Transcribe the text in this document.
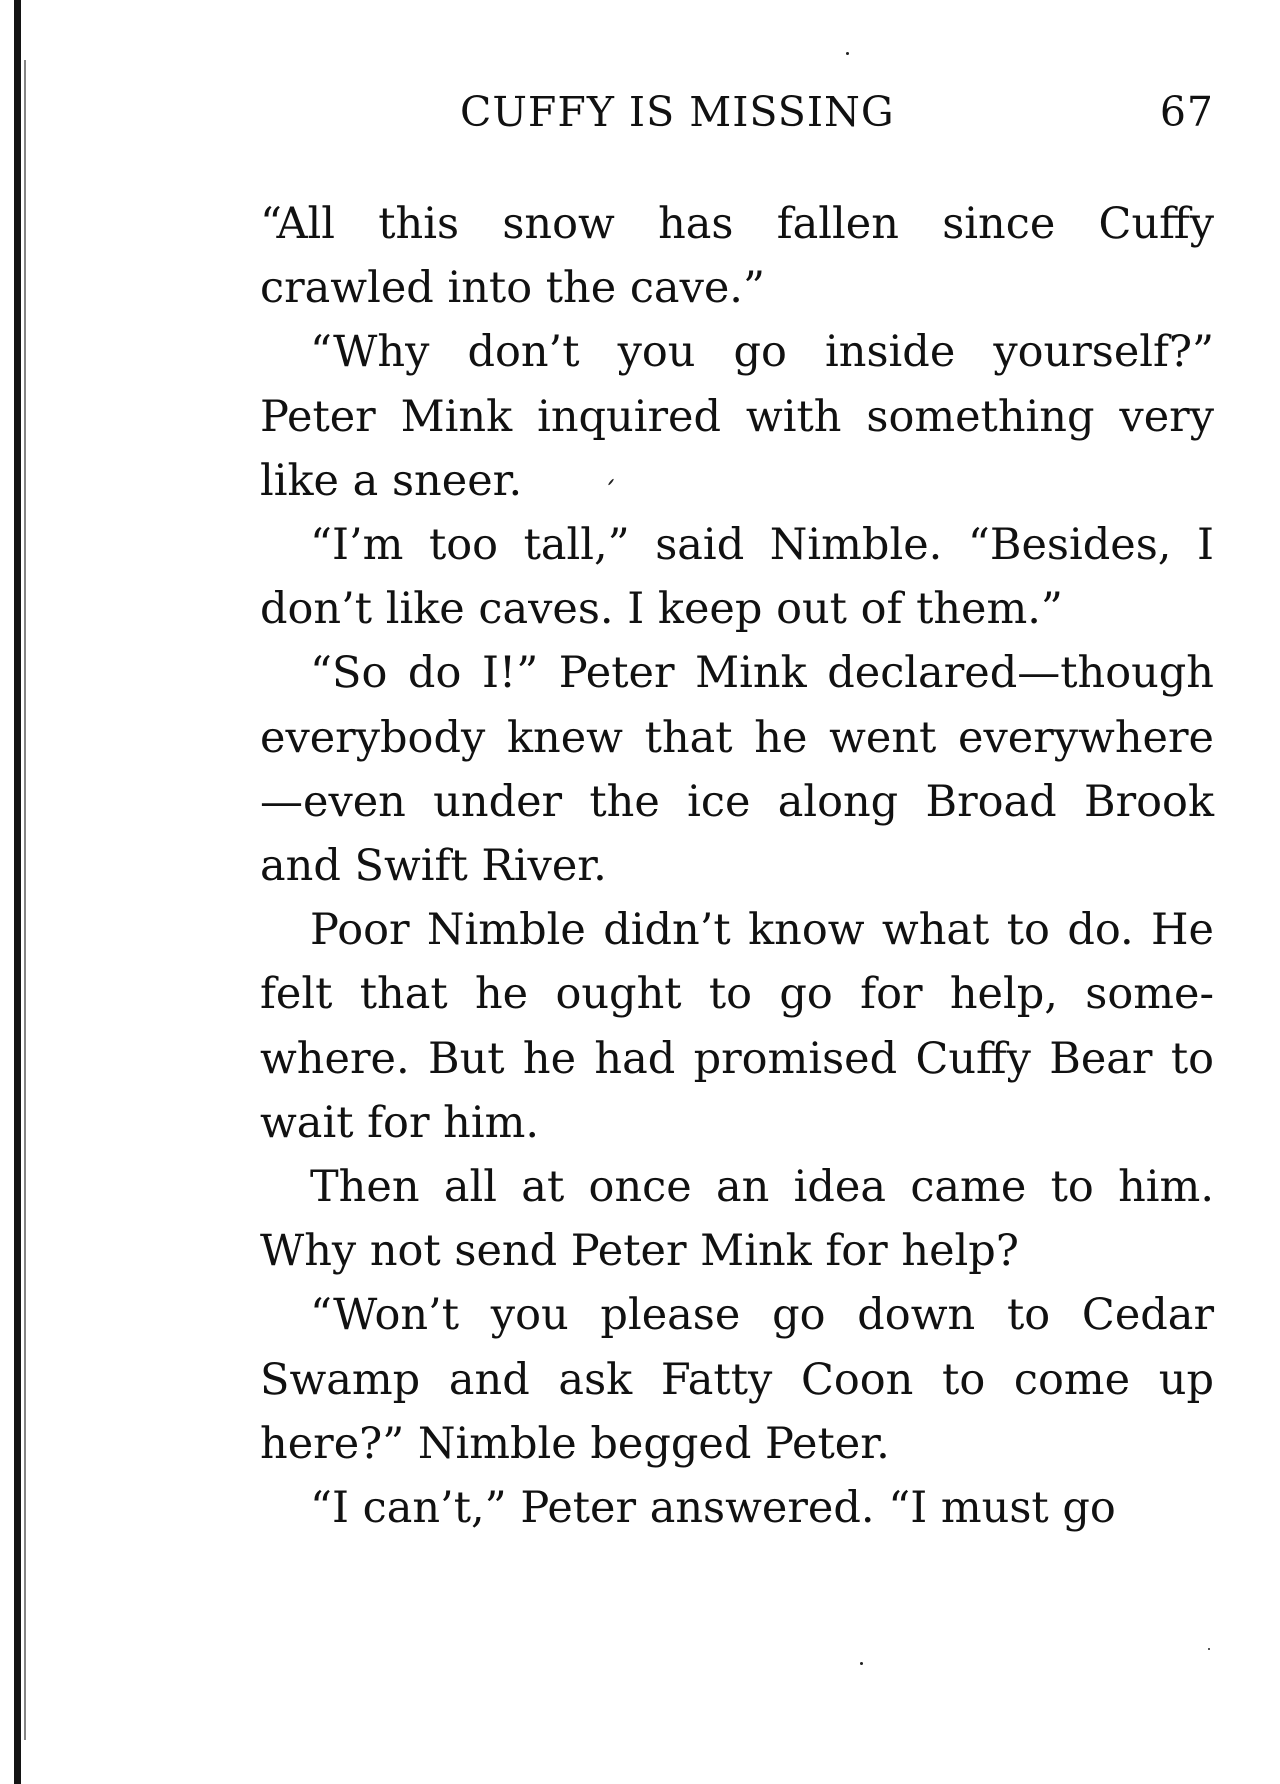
CUFFY IS MISSING	67

“All this snow has fallen since Cuffy crawled into the cave.”

“Why don’t you go inside yourself?” Peter Mink inquired with something very like a sneer.

“I’m too tall,” said Nimble. “Besides, I don’t like caves. I keep out of them.”

“So do I!” Peter Mink declared—though everybody knew that he went everywhere—even under the ice along Broad Brook and Swift River.

Poor Nimble didn’t know what to do. He felt that he ought to go for help, some-where. But he had promised Cuffy Bear to wait for him.

Then all at once an idea came to him. Why not send Peter Mink for help?

“Won’t you please go down to Cedar Swamp and ask Fatty Coon to come up here?” Nimble begged Peter.

“I can’t,” Peter answered. “I must go
